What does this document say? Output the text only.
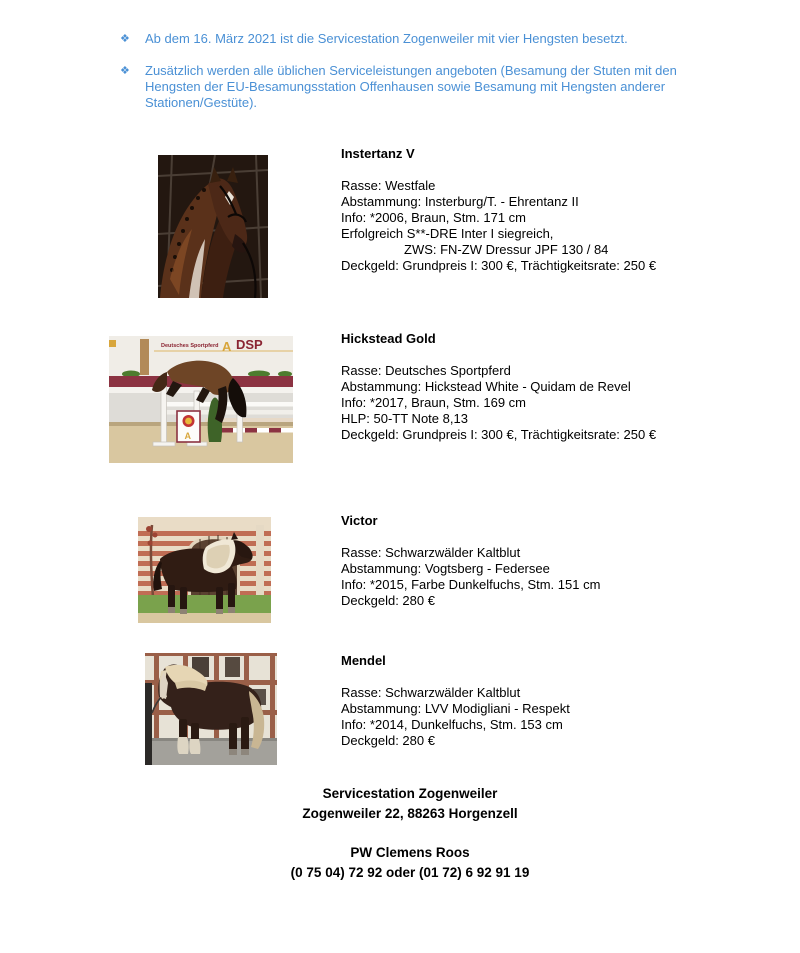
❖	Ab dem 16. März 2021 ist die Servicestation Zogenweiler mit vier Hengsten besetzt.
❖	Zusätzlich werden alle üblichen Serviceleistungen angeboten (Besamung der Stuten mit den
Hengsten der EU-Besamungsstation Offenhausen sowie Besamung mit Hengsten anderer
Stationen/Gestüte).
Instertanz V
Rasse: Westfale
Abstammung: Insterburg/T. - Ehrentanz II
Info: *2006, Braun, Stm. 171 cm
Erfolgreich S**-DRE Inter I siegreich,
ZWS: FN-ZW Dressur JPF 130 / 84
Deckgeld: Grundpreis I: 300 €, Trächtigkeitsrate: 250 €
Deutsches Sportpferd A DSP
A
Hickstead Gold
Rasse: Deutsches Sportpferd
Abstammung: Hickstead White - Quidam de Revel
Info: *2017, Braun, Stm. 169 cm
HLP: 50-TT Note 8,13
Deckgeld: Grundpreis I: 300 €, Trächtigkeitsrate: 250 €
Victor
Rasse: Schwarzwälder Kaltblut
Abstammung: Vogtsberg - Federsee
Info: *2015, Farbe Dunkelfuchs, Stm. 151 cm
Deckgeld: 280 €
Mendel
Rasse: Schwarzwälder Kaltblut
Abstammung: LVV Modigliani - Respekt
Info: *2014, Dunkelfuchs, Stm. 153 cm
Deckgeld: 280 €
Servicestation Zogenweiler
Zogenweiler 22, 88263 Horgenzell
PW Clemens Roos
(0 75 04) 72 92 oder (01 72) 6 92 91 19
